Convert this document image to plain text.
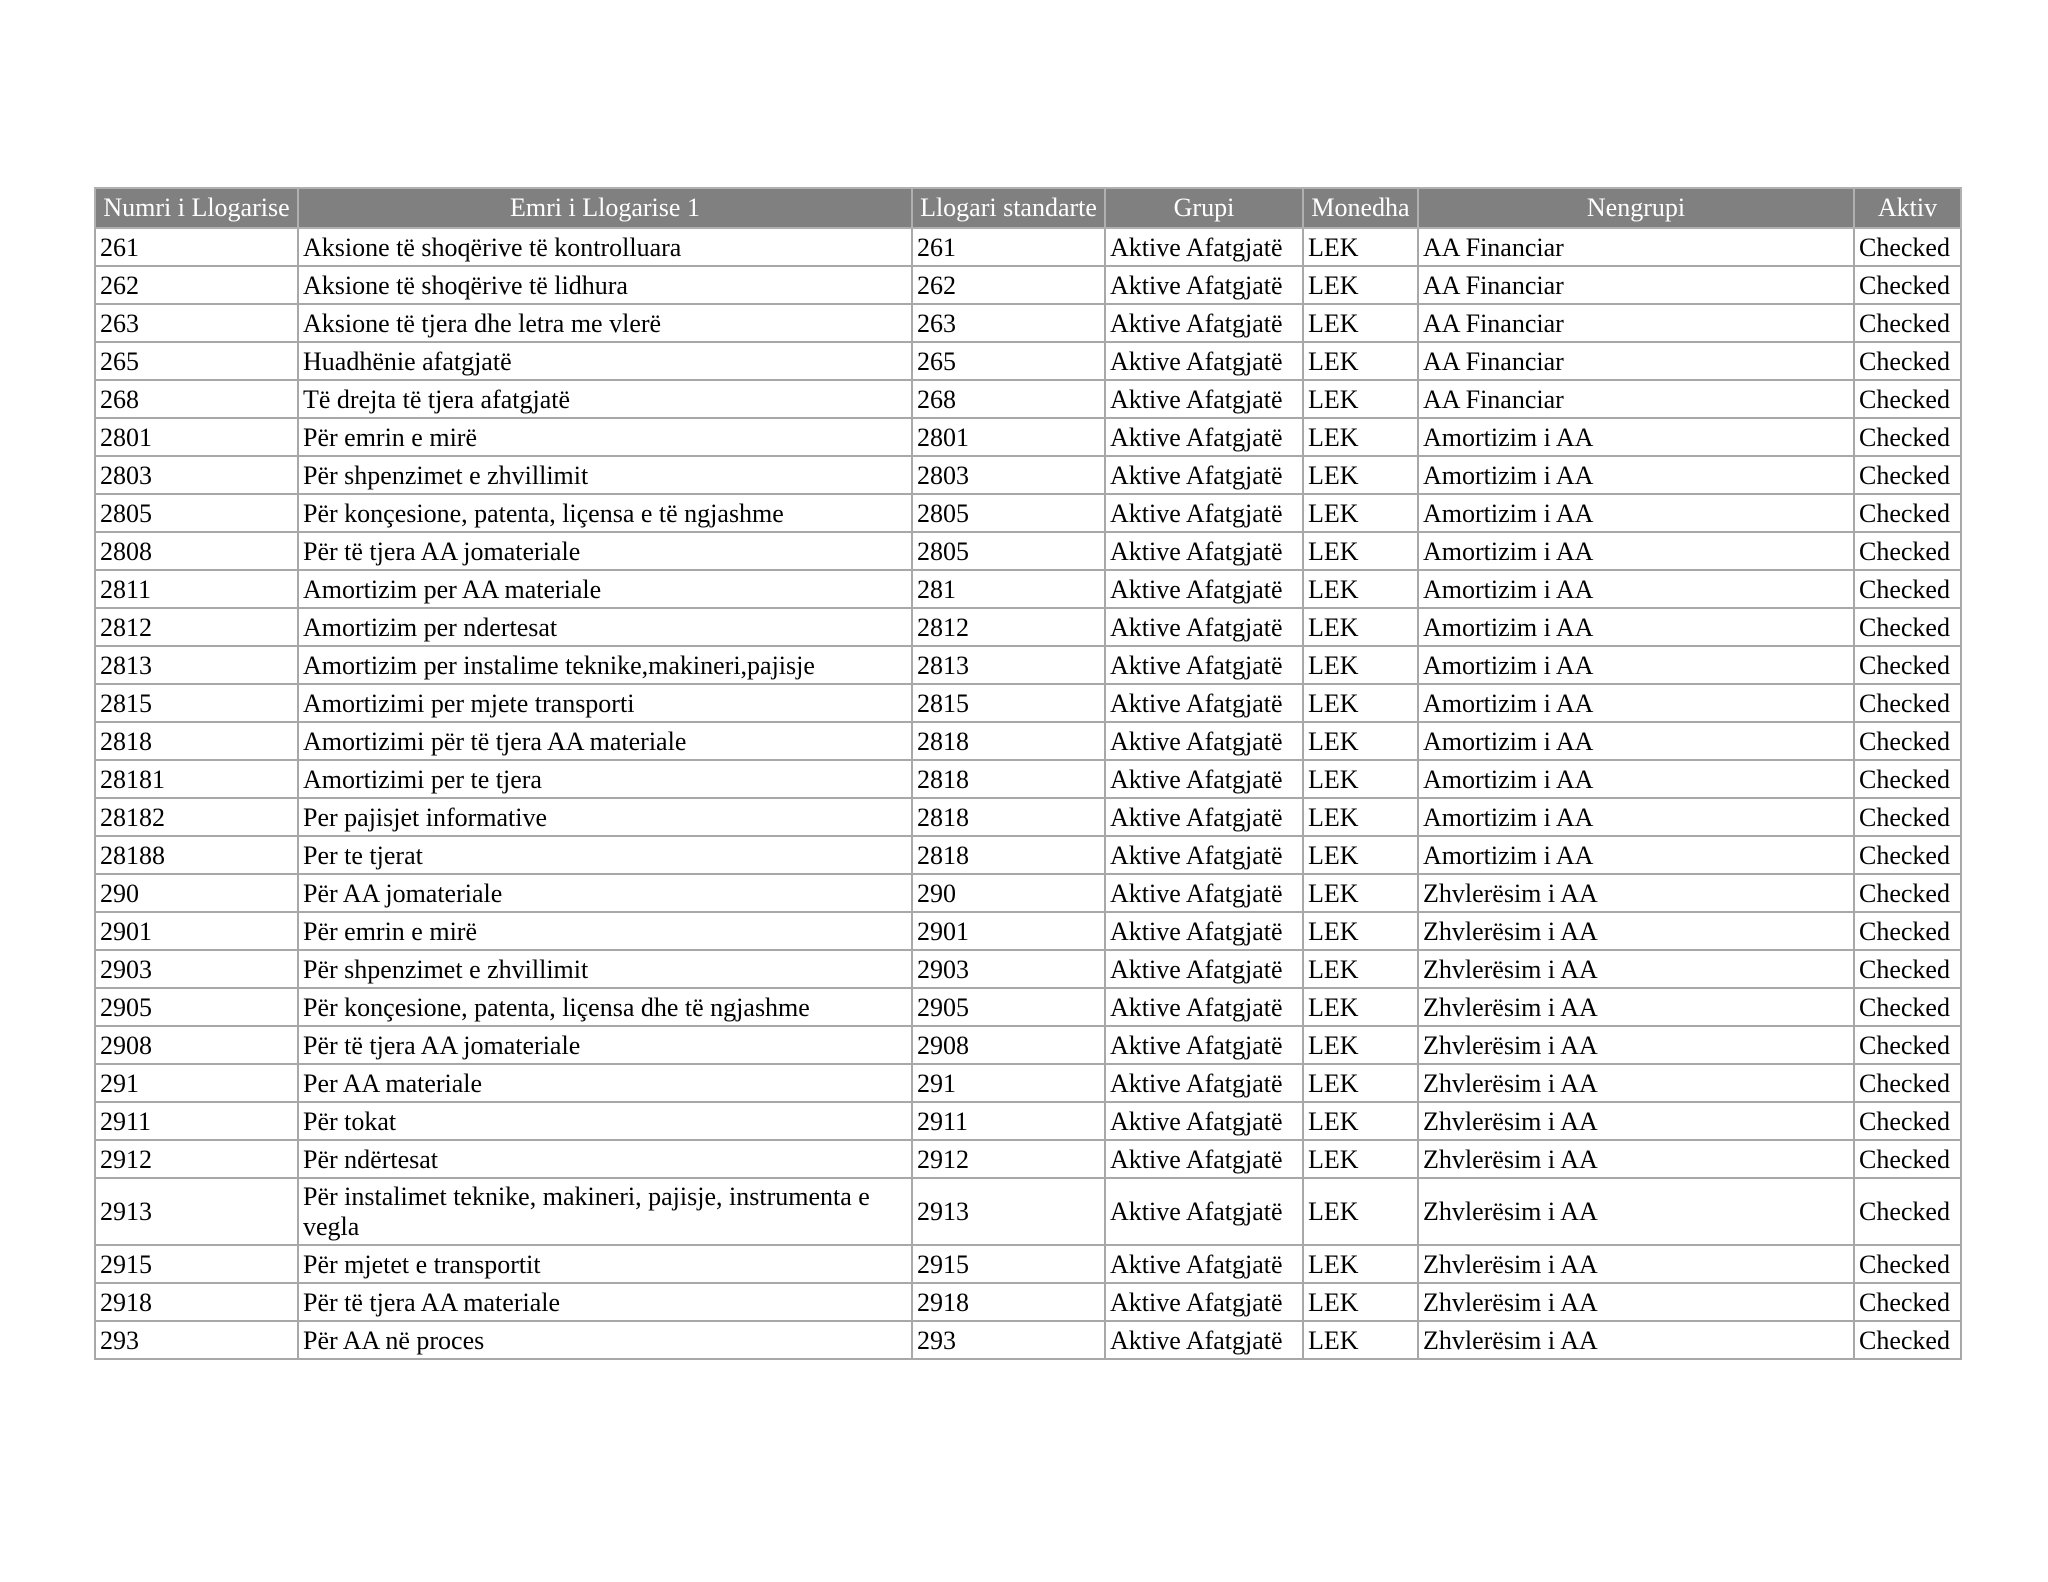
Numri i Llogarise	Emri i Llogarise 1	Llogari standarte	Grupi	Monedha	Nengrupi	Aktiv
261	Aksione të shoqërive të kontrolluara	261	Aktive Afatgjatë	LEK	AA Financiar	Checked
262	Aksione të shoqërive të lidhura	262	Aktive Afatgjatë	LEK	AA Financiar	Checked
263	Aksione të tjera dhe letra me vlerë	263	Aktive Afatgjatë	LEK	AA Financiar	Checked
265	Huadhënie afatgjatë	265	Aktive Afatgjatë	LEK	AA Financiar	Checked
268	Të drejta të tjera afatgjatë	268	Aktive Afatgjatë	LEK	AA Financiar	Checked
2801	Për emrin e mirë	2801	Aktive Afatgjatë	LEK	Amortizim i AA	Checked
2803	Për shpenzimet e zhvillimit	2803	Aktive Afatgjatë	LEK	Amortizim i AA	Checked
2805	Për konçesione, patenta, liçensa e të ngjashme	2805	Aktive Afatgjatë	LEK	Amortizim i AA	Checked
2808	Për të tjera AA jomateriale	2805	Aktive Afatgjatë	LEK	Amortizim i AA	Checked
2811	Amortizim per AA materiale	281	Aktive Afatgjatë	LEK	Amortizim i AA	Checked
2812	Amortizim per ndertesat	2812	Aktive Afatgjatë	LEK	Amortizim i AA	Checked
2813	Amortizim per instalime teknike,makineri,pajisje	2813	Aktive Afatgjatë	LEK	Amortizim i AA	Checked
2815	Amortizimi per mjete transporti	2815	Aktive Afatgjatë	LEK	Amortizim i AA	Checked
2818	Amortizimi për të tjera AA materiale	2818	Aktive Afatgjatë	LEK	Amortizim i AA	Checked
28181	Amortizimi per te tjera	2818	Aktive Afatgjatë	LEK	Amortizim i AA	Checked
28182	Per pajisjet informative	2818	Aktive Afatgjatë	LEK	Amortizim i AA	Checked
28188	Per te tjerat	2818	Aktive Afatgjatë	LEK	Amortizim i AA	Checked
290	Për AA jomateriale	290	Aktive Afatgjatë	LEK	Zhvlerësim i AA	Checked
2901	Për emrin e mirë	2901	Aktive Afatgjatë	LEK	Zhvlerësim i AA	Checked
2903	Për shpenzimet e zhvillimit	2903	Aktive Afatgjatë	LEK	Zhvlerësim i AA	Checked
2905	Për konçesione, patenta, liçensa dhe të ngjashme	2905	Aktive Afatgjatë	LEK	Zhvlerësim i AA	Checked
2908	Për të tjera AA jomateriale	2908	Aktive Afatgjatë	LEK	Zhvlerësim i AA	Checked
291	Per AA materiale	291	Aktive Afatgjatë	LEK	Zhvlerësim i AA	Checked
2911	Për tokat	2911	Aktive Afatgjatë	LEK	Zhvlerësim i AA	Checked
2912	Për ndërtesat	2912	Aktive Afatgjatë	LEK	Zhvlerësim i AA	Checked
2913	Për instalimet teknike, makineri, pajisje, instrumenta e vegla	2913	Aktive Afatgjatë	LEK	Zhvlerësim i AA	Checked
2915	Për mjetet e transportit	2915	Aktive Afatgjatë	LEK	Zhvlerësim i AA	Checked
2918	Për të tjera AA materiale	2918	Aktive Afatgjatë	LEK	Zhvlerësim i AA	Checked
293	Për AA në proces	293	Aktive Afatgjatë	LEK	Zhvlerësim i AA	Checked
